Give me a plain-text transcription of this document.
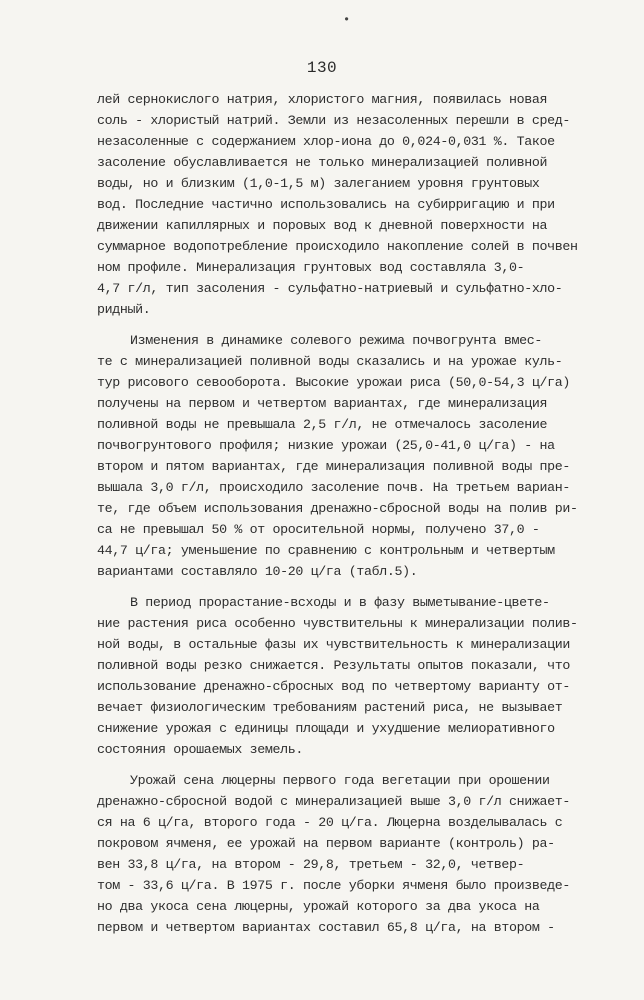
•
130
лей сернокислого натрия, хлористого магния, появилась новая
соль - хлористый натрий. Земли из незасоленных перешли в сред-
незасоленные с содержанием хлор-иона до 0,024-0,031 %. Такое
засоление обуславливается не только минерализацией поливной
воды, но и близким (1,0-1,5 м) залеганием уровня грунтовых
вод. Последние частично использовались на субирригацию и при
движении капиллярных и поровых вод к дневной поверхности на
суммарное водопотребление происходило накопление солей в почвен
ном профиле. Минерализация грунтовых вод составляла 3,0-
4,7 г/л, тип засоления - сульфатно-натриевый и сульфатно-хло-
ридный.
Изменения в динамике солевого режима почвогрунта вмес-
те с минерализацией поливной воды сказались и на урожае куль-
тур рисового севооборота. Высокие урожаи риса (50,0-54,3 ц/га)
получены на первом и четвертом вариантах, где минерализация
поливной воды не превышала 2,5 г/л, не отмечалось засоление
почвогрунтового профиля; низкие урожаи (25,0-41,0 ц/га) - на
втором и пятом вариантах, где минерализация поливной воды пре-
вышала 3,0 г/л, происходило засоление почв. На третьем вариан-
те, где объем использования дренажно-сбросной воды на полив ри-
са не превышал 50 % от оросительной нормы, получено 37,0 -
44,7 ц/га; уменьшение по сравнению с контрольным и четвертым
вариантами составляло 10-20 ц/га (табл.5).
В период прорастание-всходы и в фазу выметывание-цвете-
ние растения риса особенно чувствительны к минерализации полив-
ной воды, в остальные фазы их чувствительность к минерализации
поливной воды резко снижается. Результаты опытов показали, что
использование дренажно-сбросных вод по четвертому варианту от-
вечает физиологическим требованиям растений риса, не вызывает
снижение урожая с единицы площади и ухудшение мелиоративного
состояния орошаемых земель.
Урожай сена люцерны первого года вегетации при орошении
дренажно-сбросной водой с минерализацией выше 3,0 г/л снижает-
ся на 6 ц/га, второго года - 20 ц/га. Люцерна возделывалась с
покровом ячменя, ее урожай на первом варианте (контроль) ра-
вен 33,8 ц/га, на втором - 29,8, третьем - 32,0, четвер-
том - 33,6 ц/га. В 1975 г. после уборки ячменя было произведе-
но два укоса сена люцерны, урожай которого за два укоса на
первом и четвертом вариантах составил 65,8 ц/га, на втором -
